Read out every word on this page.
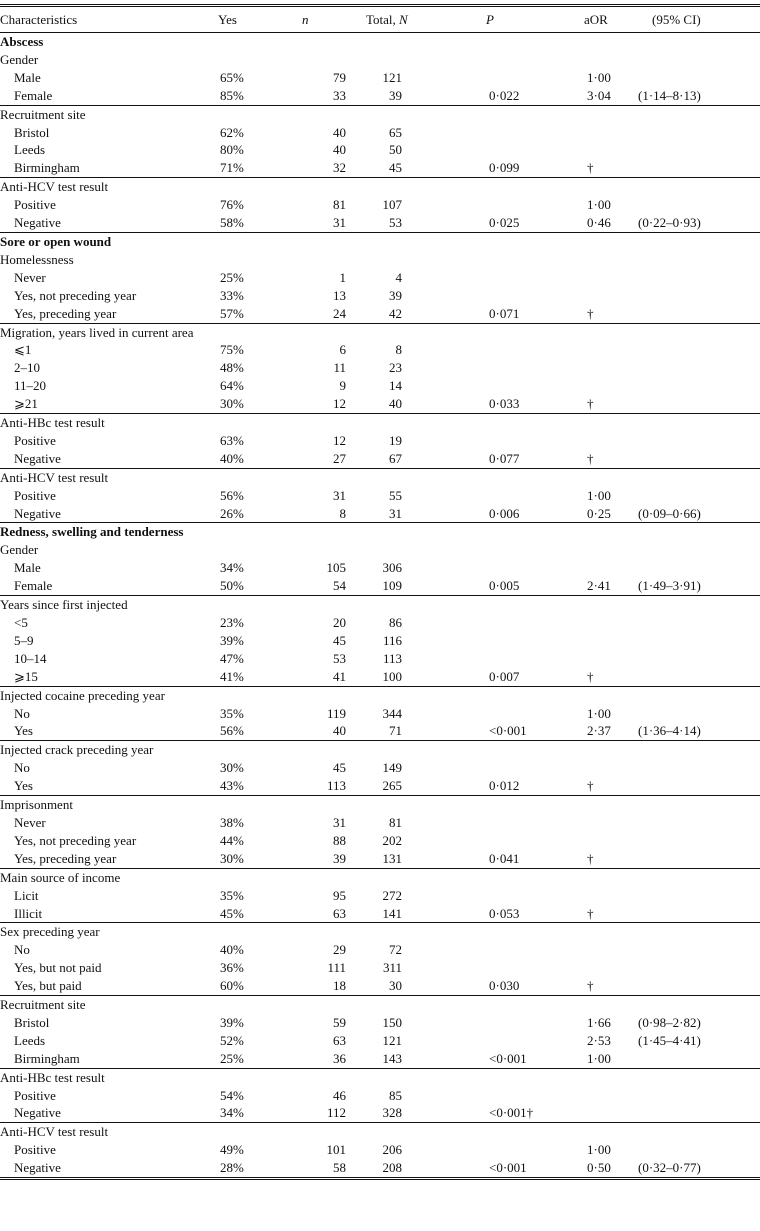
Characteristics	Yes	n	Total, N	P	aOR	(95% CI)
Abscess						
Gender						
Male	65%	79	121		1·00	
Female	85%	33	39	0·022	3·04	(1·14–8·13)
Recruitment site						
Bristol	62%	40	65			
Leeds	80%	40	50			
Birmingham	71%	32	45	0·099	†	
Anti-HCV test result						
Positive	76%	81	107		1·00	
Negative	58%	31	53	0·025	0·46	(0·22–0·93)
Sore or open wound						
Homelessness						
Never	25%	1	4			
Yes, not preceding year	33%	13	39			
Yes, preceding year	57%	24	42	0·071	†	
Migration, years lived in current area						
⩽1	75%	6	8			
2–10	48%	11	23			
11–20	64%	9	14			
⩾21	30%	12	40	0·033	†	
Anti-HBc test result						
Positive	63%	12	19			
Negative	40%	27	67	0·077	†	
Anti-HCV test result						
Positive	56%	31	55		1·00	
Negative	26%	8	31	0·006	0·25	(0·09–0·66)
Redness, swelling and tenderness						
Gender						
Male	34%	105	306			
Female	50%	54	109	0·005	2·41	(1·49–3·91)
Years since first injected						
<5	23%	20	86			
5–9	39%	45	116			
10–14	47%	53	113			
⩾15	41%	41	100	0·007	†	
Injected cocaine preceding year						
No	35%	119	344		1·00	
Yes	56%	40	71	<0·001	2·37	(1·36–4·14)
Injected crack preceding year						
No	30%	45	149			
Yes	43%	113	265	0·012	†	
Imprisonment						
Never	38%	31	81			
Yes, not preceding year	44%	88	202			
Yes, preceding year	30%	39	131	0·041	†	
Main source of income						
Licit	35%	95	272			
Illicit	45%	63	141	0·053	†	
Sex preceding year						
No	40%	29	72			
Yes, but not paid	36%	111	311			
Yes, but paid	60%	18	30	0·030	†	
Recruitment site						
Bristol	39%	59	150		1·66	(0·98–2·82)
Leeds	52%	63	121		2·53	(1·45–4·41)
Birmingham	25%	36	143	<0·001	1·00	
Anti-HBc test result						
Positive	54%	46	85			
Negative	34%	112	328	<0·001†		
Anti-HCV test result						
Positive	49%	101	206		1·00	
Negative	28%	58	208	<0·001	0·50	(0·32–0·77)
